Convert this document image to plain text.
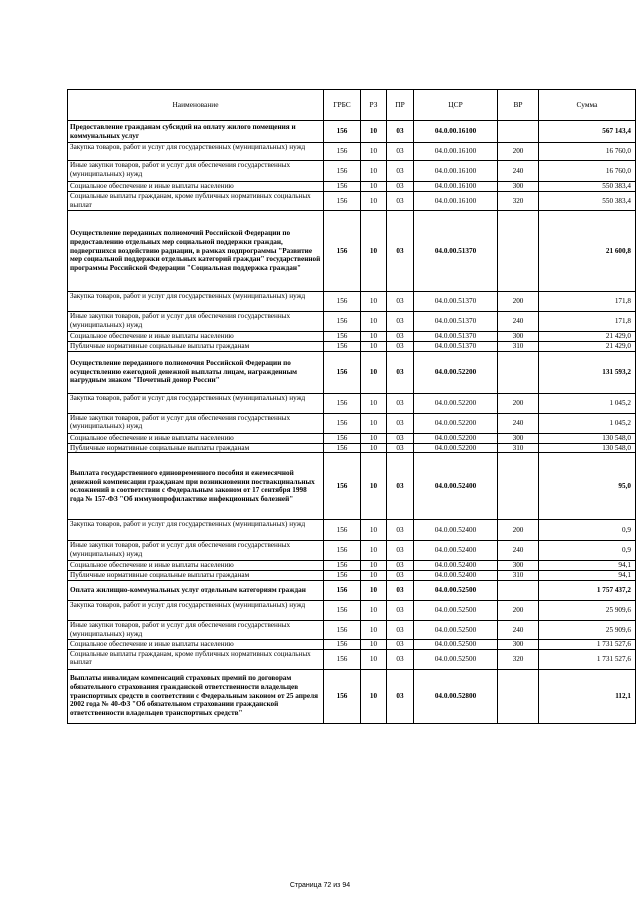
Наименование	ГРБС	РЗ	ПР	ЦСР	ВР	Сумма
Предоставление гражданам субсидий на оплату жилого помещения и коммунальных услуг	156	10	03	04.0.00.16100		567 143,4
Закупка товаров, работ и услуг для государственных (муниципальных) нужд	156	10	03	04.0.00.16100	200	16 760,0
Иные закупки товаров, работ и услуг для обеспечения государственных (муниципальных) нужд	156	10	03	04.0.00.16100	240	16 760,0
Социальное обеспечение и иные выплаты населению	156	10	03	04.0.00.16100	300	550 383,4
Социальные выплаты гражданам, кроме публичных нормативных социальных выплат	156	10	03	04.0.00.16100	320	550 383,4
Осуществление переданных полномочий Российской Федерации по предоставлению отдельных мер социальной поддержки граждан, подвергшихся воздействию радиации, в рамках подпрограммы "Развитие мер социальной поддержки отдельных категорий граждан" государственной программы Российской Федерации "Социальная поддержка граждан"	156	10	03	04.0.00.51370		21 600,8
Закупка товаров, работ и услуг для государственных (муниципальных) нужд	156	10	03	04.0.00.51370	200	171,8
Иные закупки товаров, работ и услуг для обеспечения государственных (муниципальных) нужд	156	10	03	04.0.00.51370	240	171,8
Социальное обеспечение и иные выплаты населению	156	10	03	04.0.00.51370	300	21 429,0
Публичные нормативные социальные выплаты гражданам	156	10	03	04.0.00.51370	310	21 429,0
Осуществление переданного полномочия Российской Федерации по осуществлению ежегодной денежной выплаты лицам, награжденным нагрудным знаком "Почетный донор России"	156	10	03	04.0.00.52200		131 593,2
Закупка товаров, работ и услуг для государственных (муниципальных) нужд	156	10	03	04.0.00.52200	200	1 045,2
Иные закупки товаров, работ и услуг для обеспечения государственных (муниципальных) нужд	156	10	03	04.0.00.52200	240	1 045,2
Социальное обеспечение и иные выплаты населению	156	10	03	04.0.00.52200	300	130 548,0
Публичные нормативные социальные выплаты гражданам	156	10	03	04.0.00.52200	310	130 548,0
Выплата государственного единовременного пособия и ежемесячной денежной компенсации гражданам при возникновении поствакцинальных осложнений в соответствии с Федеральным законом от 17 сентября 1998 года № 157-ФЗ "Об иммунопрофилактике инфекционных болезней"	156	10	03	04.0.00.52400		95,0
Закупка товаров, работ и услуг для государственных (муниципальных) нужд	156	10	03	04.0.00.52400	200	0,9
Иные закупки товаров, работ и услуг для обеспечения государственных (муниципальных) нужд	156	10	03	04.0.00.52400	240	0,9
Социальное обеспечение и иные выплаты населению	156	10	03	04.0.00.52400	300	94,1
Публичные нормативные социальные выплаты гражданам	156	10	03	04.0.00.52400	310	94,1
Оплата жилищно-коммунальных услуг отдельным категориям граждан	156	10	03	04.0.00.52500		1 757 437,2
Закупка товаров, работ и услуг для государственных (муниципальных) нужд	156	10	03	04.0.00.52500	200	25 909,6
Иные закупки товаров, работ и услуг для обеспечения государственных (муниципальных) нужд	156	10	03	04.0.00.52500	240	25 909,6
Социальное обеспечение и иные выплаты населению	156	10	03	04.0.00.52500	300	1 731 527,6
Социальные выплаты гражданам, кроме публичных нормативных социальных выплат	156	10	03	04.0.00.52500	320	1 731 527,6
Выплаты инвалидам компенсаций страховых премий по договорам обязательного страхования гражданской ответственности владельцев транспортных средств в соответствии с Федеральным законом от 25 апреля 2002 года № 40-ФЗ "Об обязательном страховании гражданской ответственности владельцев транспортных средств"	156	10	03	04.0.00.52800		112,1
Страница 72 из 94
